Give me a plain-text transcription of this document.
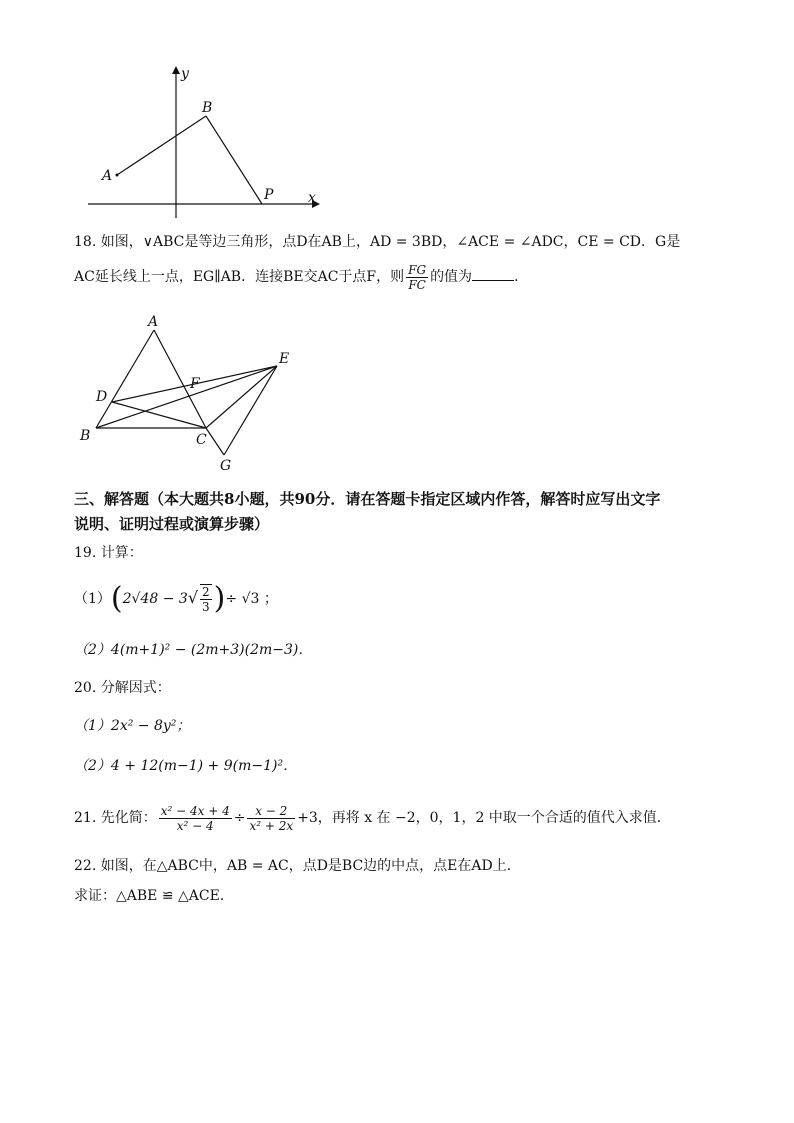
y
x
A
B
P
18. 如图，∨ABC是等边三角形，点D在AB上，AD = 3BD，∠ACE = ∠ADC，CE = CD．G是
AC延长线上一点，EG∥AB．连接BE交AC于点F，则 $\frac{FG}{FC}$ 的值为	．
A
B	C
D
E
F
G
三、解答题（本大题共8小题，共90分．请在答题卡指定区域内作答，解答时应写出文字
说明、证明过程或演算步骤）
19. 计算：
$(1)(2√48 - 3√ \frac{2}{3}$ )÷ √3 ；
（2）4(m+1)² − (2m+3)(2m−3)．
20. 分解因式：
（1）2x² − 8y²；
（2）4 + 12(m−1) + 9(m−1)²．
21. 先化简： $\frac{\text{x² − 4x + 4}}{\text{x² − 4}} \div \frac{x - 2}{\text{x² + 2x}} +3$，再将 x 在 −2，0，1，2 中取一个合适的值代入求值．
22. 如图，在△ABC中，AB = AC，点D是BC边的中点，点E在AD上．
求证：△ABE ≌ △ACE．
